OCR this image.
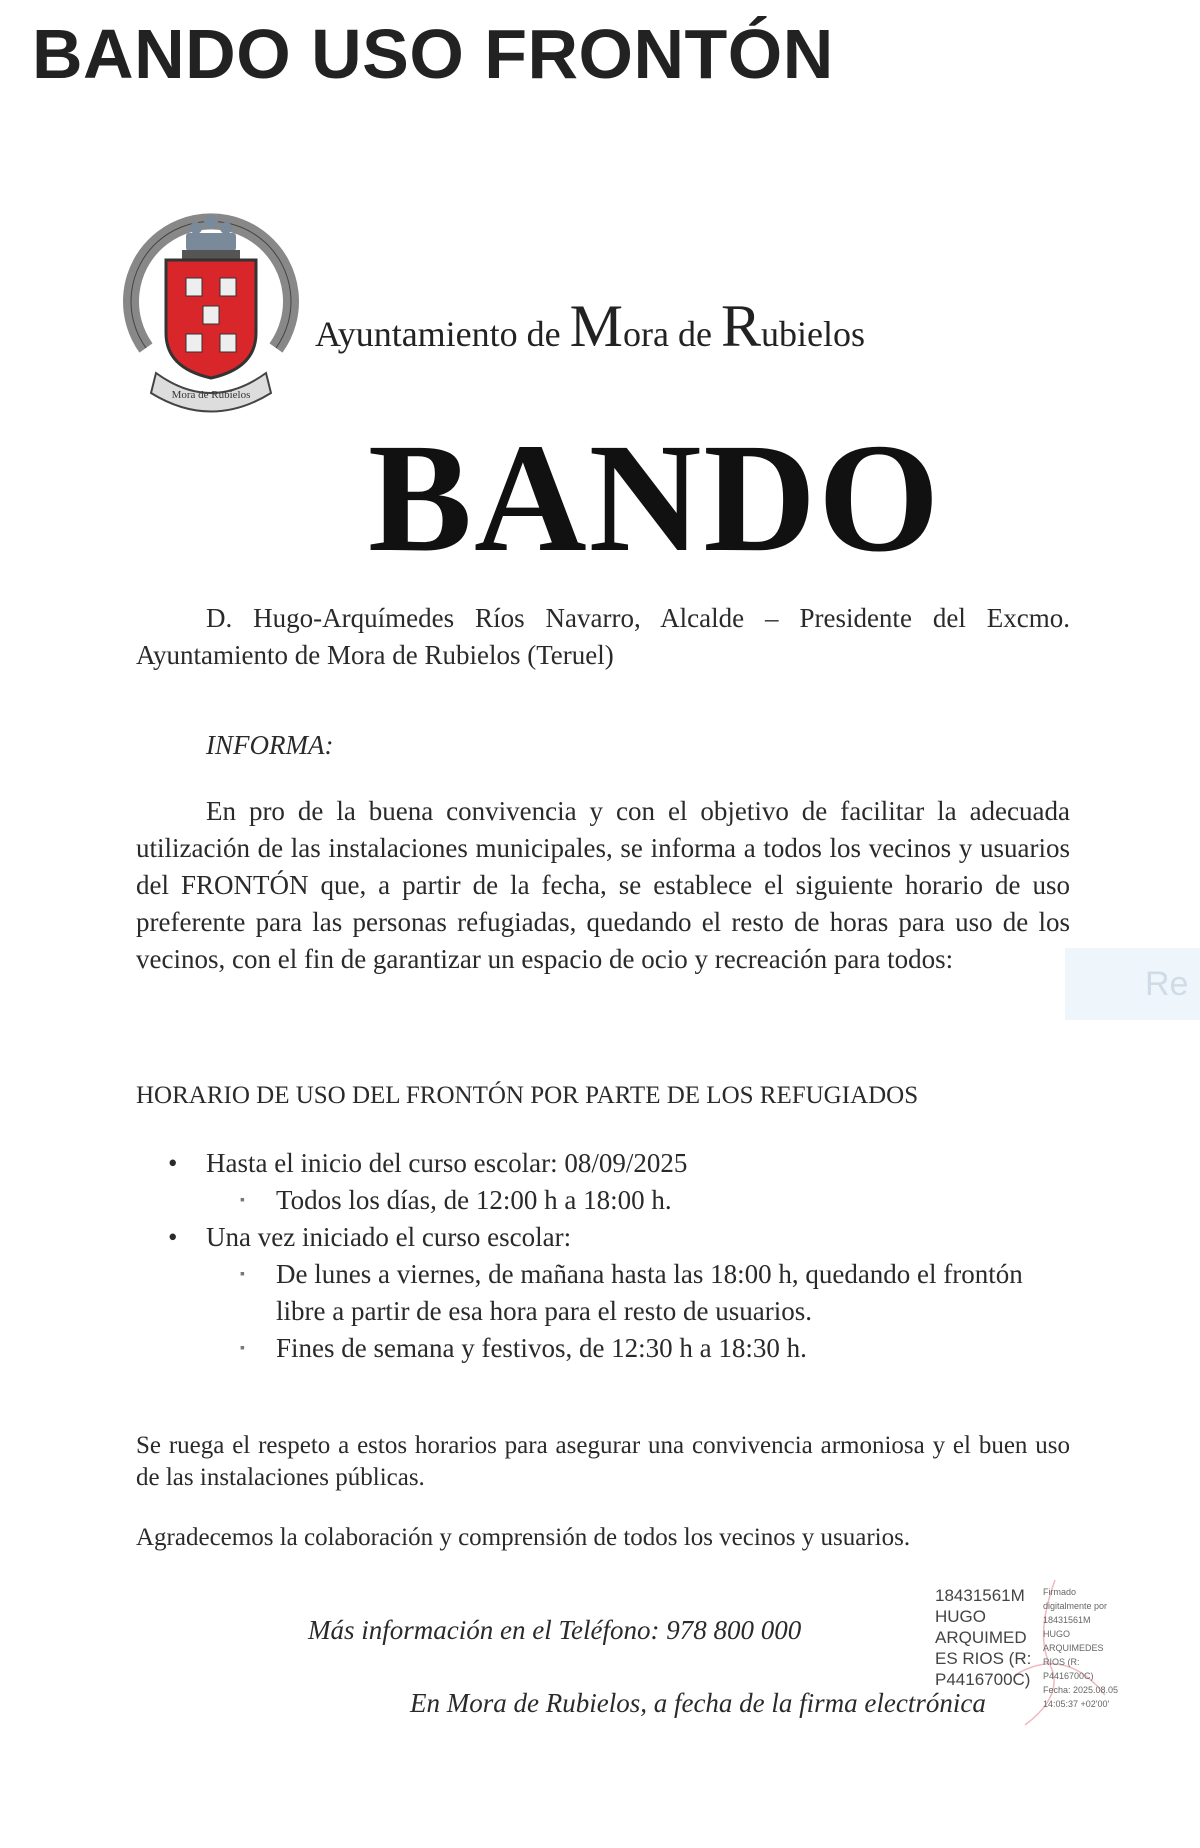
BANDO USO FRONTÓN
Mora de Rubielos
Ayuntamiento de Mora de Rubielos
BANDO

D. Hugo-Arquímedes Ríos Navarro, Alcalde – Presidente del Excmo. Ayuntamiento de Mora de Rubielos (Teruel)

INFORMA:

En pro de la buena convivencia y con el objetivo de facilitar la adecuada utilización de las instalaciones municipales, se informa a todos los vecinos y usuarios del FRONTÓN que, a partir de la fecha, se establece el siguiente horario de uso preferente para las personas refugiadas, quedando el resto de horas para uso de los vecinos, con el fin de garantizar un espacio de ocio y recreación para todos:

HORARIO DE USO DEL FRONTÓN POR PARTE DE LOS REFUGIADOS
• Hasta el inicio del curso escolar: 08/09/2025
▪ Todos los días, de 12:00 h a 18:00 h.
• Una vez iniciado el curso escolar:
▪ De lunes a viernes, de mañana hasta las 18:00 h, quedando el frontón libre a partir de esa hora para el resto de usuarios.
▪ Fines de semana y festivos, de 12:30 h a 18:30 h.

Se ruega el respeto a estos horarios para asegurar una convivencia armoniosa y el buen uso de las instalaciones públicas.

Agradecemos la colaboración y comprensión de todos los vecinos y usuarios.

Más información en el Teléfono: 978 800 000
En Mora de Rubielos, a fecha de la firma electrónica
18431561M
HUGO
ARQUIMED
ES RIOS (R:
P4416700C)
Firmado
digitalmente por
18431561M
HUGO
ARQUIMEDES
RIOS (R:
P4416700C)
Fecha: 2025.08.05
14:05:37 +02'00'
Re
